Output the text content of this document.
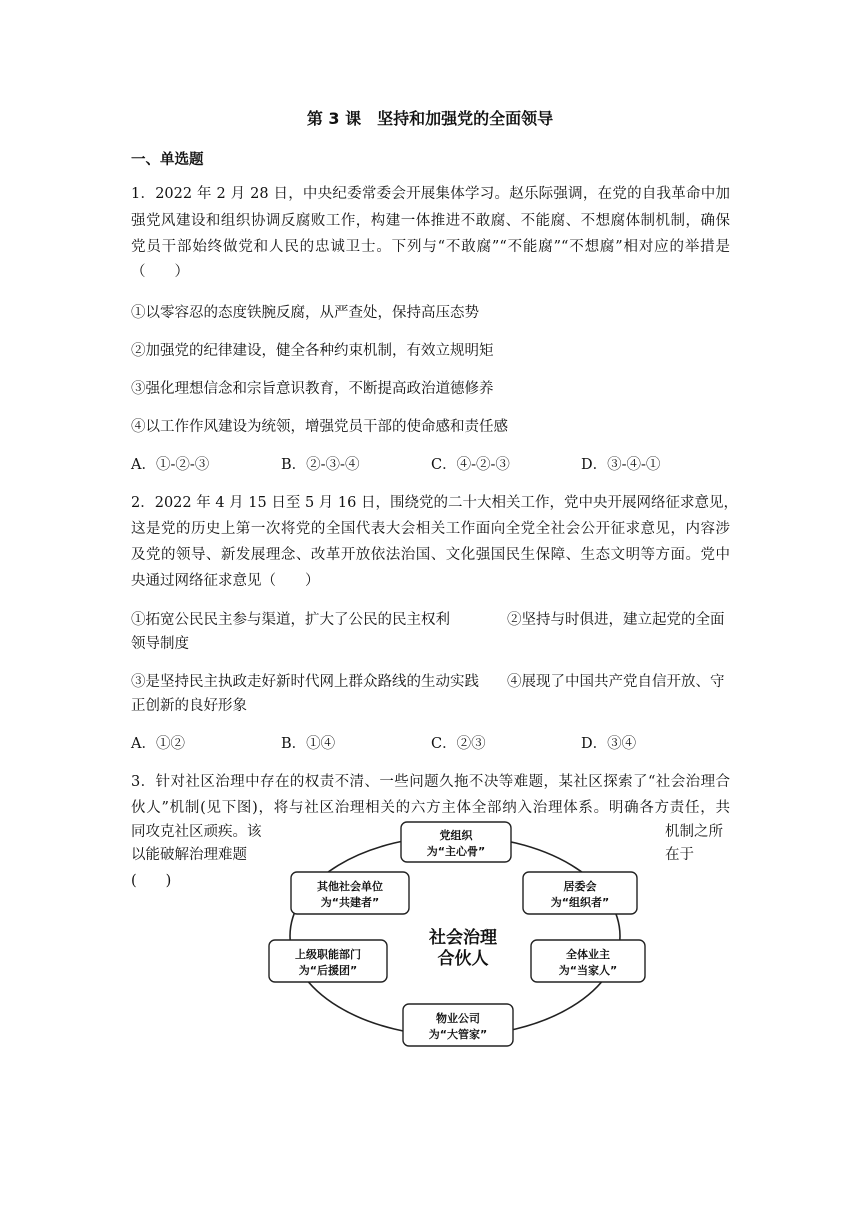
第 3 课　坚持和加强党的全面领导
一、单选题
1．2022 年 2 月 28 日，中央纪委常委会开展集体学习。赵乐际强调，在党的自我革命中加
强党风建设和组织协调反腐败工作，构建一体推进不敢腐、不能腐、不想腐体制机制，确保
党员干部始终做党和人民的忠诚卫士。下列与“不敢腐”“不能腐”“不想腐”相对应的举措是
（　　）
①以零容忍的态度铁腕反腐，从严查处，保持高压态势
②加强党的纪律建设，健全各种约束机制，有效立规明矩
③强化理想信念和宗旨意识教育，不断提高政治道德修养
④以工作作风建设为统领，增强党员干部的使命感和责任感
A．①-②-③	B．②-③-④	C．④-②-③	D．③-④-①
2．2022 年 4 月 15 日至 5 月 16 日，围绕党的二十大相关工作，党中央开展网络征求意见，
这是党的历史上第一次将党的全国代表大会相关工作面向全党全社会公开征求意见，内容涉
及党的领导、新发展理念、改革开放依法治国、文化强国民生保障、生态文明等方面。党中
央通过网络征求意见（　　）
①拓宽公民民主参与渠道，扩大了公民的民主权利	②坚持与时俱进，建立起党的全面
领导制度
③是坚持民主执政走好新时代网上群众路线的生动实践 ④展现了中国共产党自信开放、守
正创新的良好形象
A．①②	B．①④	C．②③	D．③④
3．针对社区治理中存在的权责不清、一些问题久拖不决等难题，某社区探索了“社会治理合
伙人”机制(见下图)，将与社区治理相关的六方主体全部纳入治理体系。明确各方责任，共
同攻克社区顽疾。该
以能破解治理难题
(　　)
机制之所
在于
社会治理
合伙人
党组织
为“主心骨”
居委会
为“组织者”
全体业主
为“当家人”
物业公司
为“大管家”
上级职能部门
为“后援团”
其他社会单位
为“共建者”
